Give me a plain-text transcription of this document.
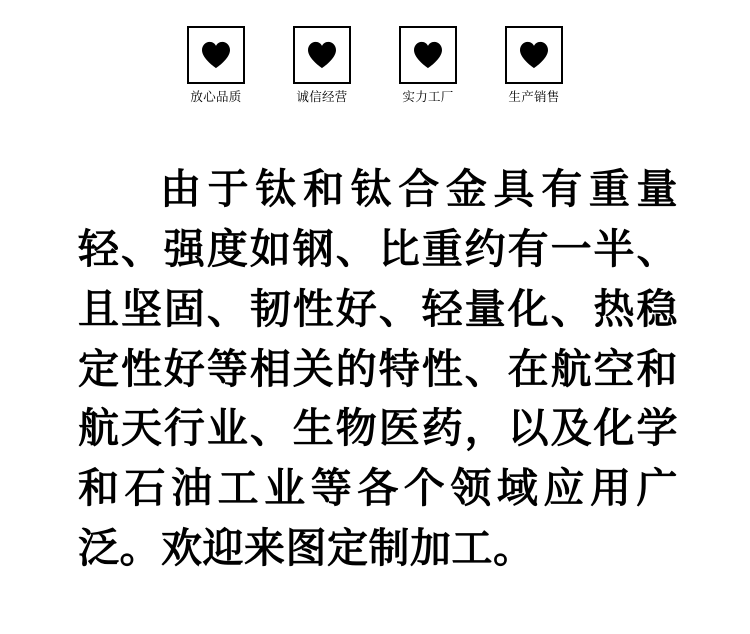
放心品质	诚信经营	实力工厂	生产销售
由于钛和钛合金具有重量轻、强度如钢、比重约有一半、且坚固、韧性好、轻量化、热稳定性好等相关的特性、在航空和航天行业、生物医药，以及化学和石油工业等各个领域应用广泛。欢迎来图定制加工。
